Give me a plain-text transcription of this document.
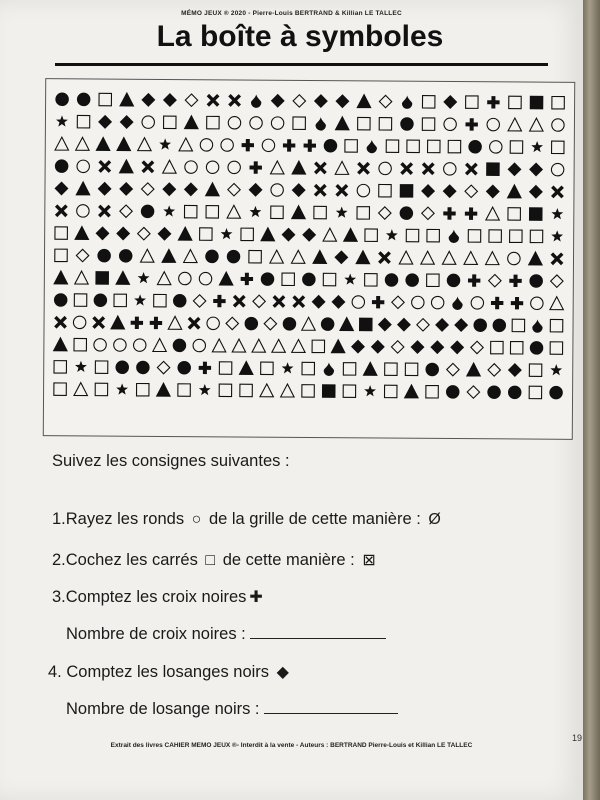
MÉMO JEUX ® 2020 - Pierre-Louis BERTRAND & Killian LE TALLEC
La boîte à symboles
Suivez les consignes suivantes :
1.Rayez les ronds ○ de la grille de cette manière : Ø
2.Cochez les carrés □ de cette manière : ⊠
3.Comptez les croix noires ✚
Nombre de croix noires :
4. Comptez les losanges noirs ◆
Nombre de losange noirs :
19
Extrait des livres CAHIER MEMO JEUX ®- Interdit à la vente - Auteurs : BERTRAND Pierre-Louis et Killian LE TALLEC
